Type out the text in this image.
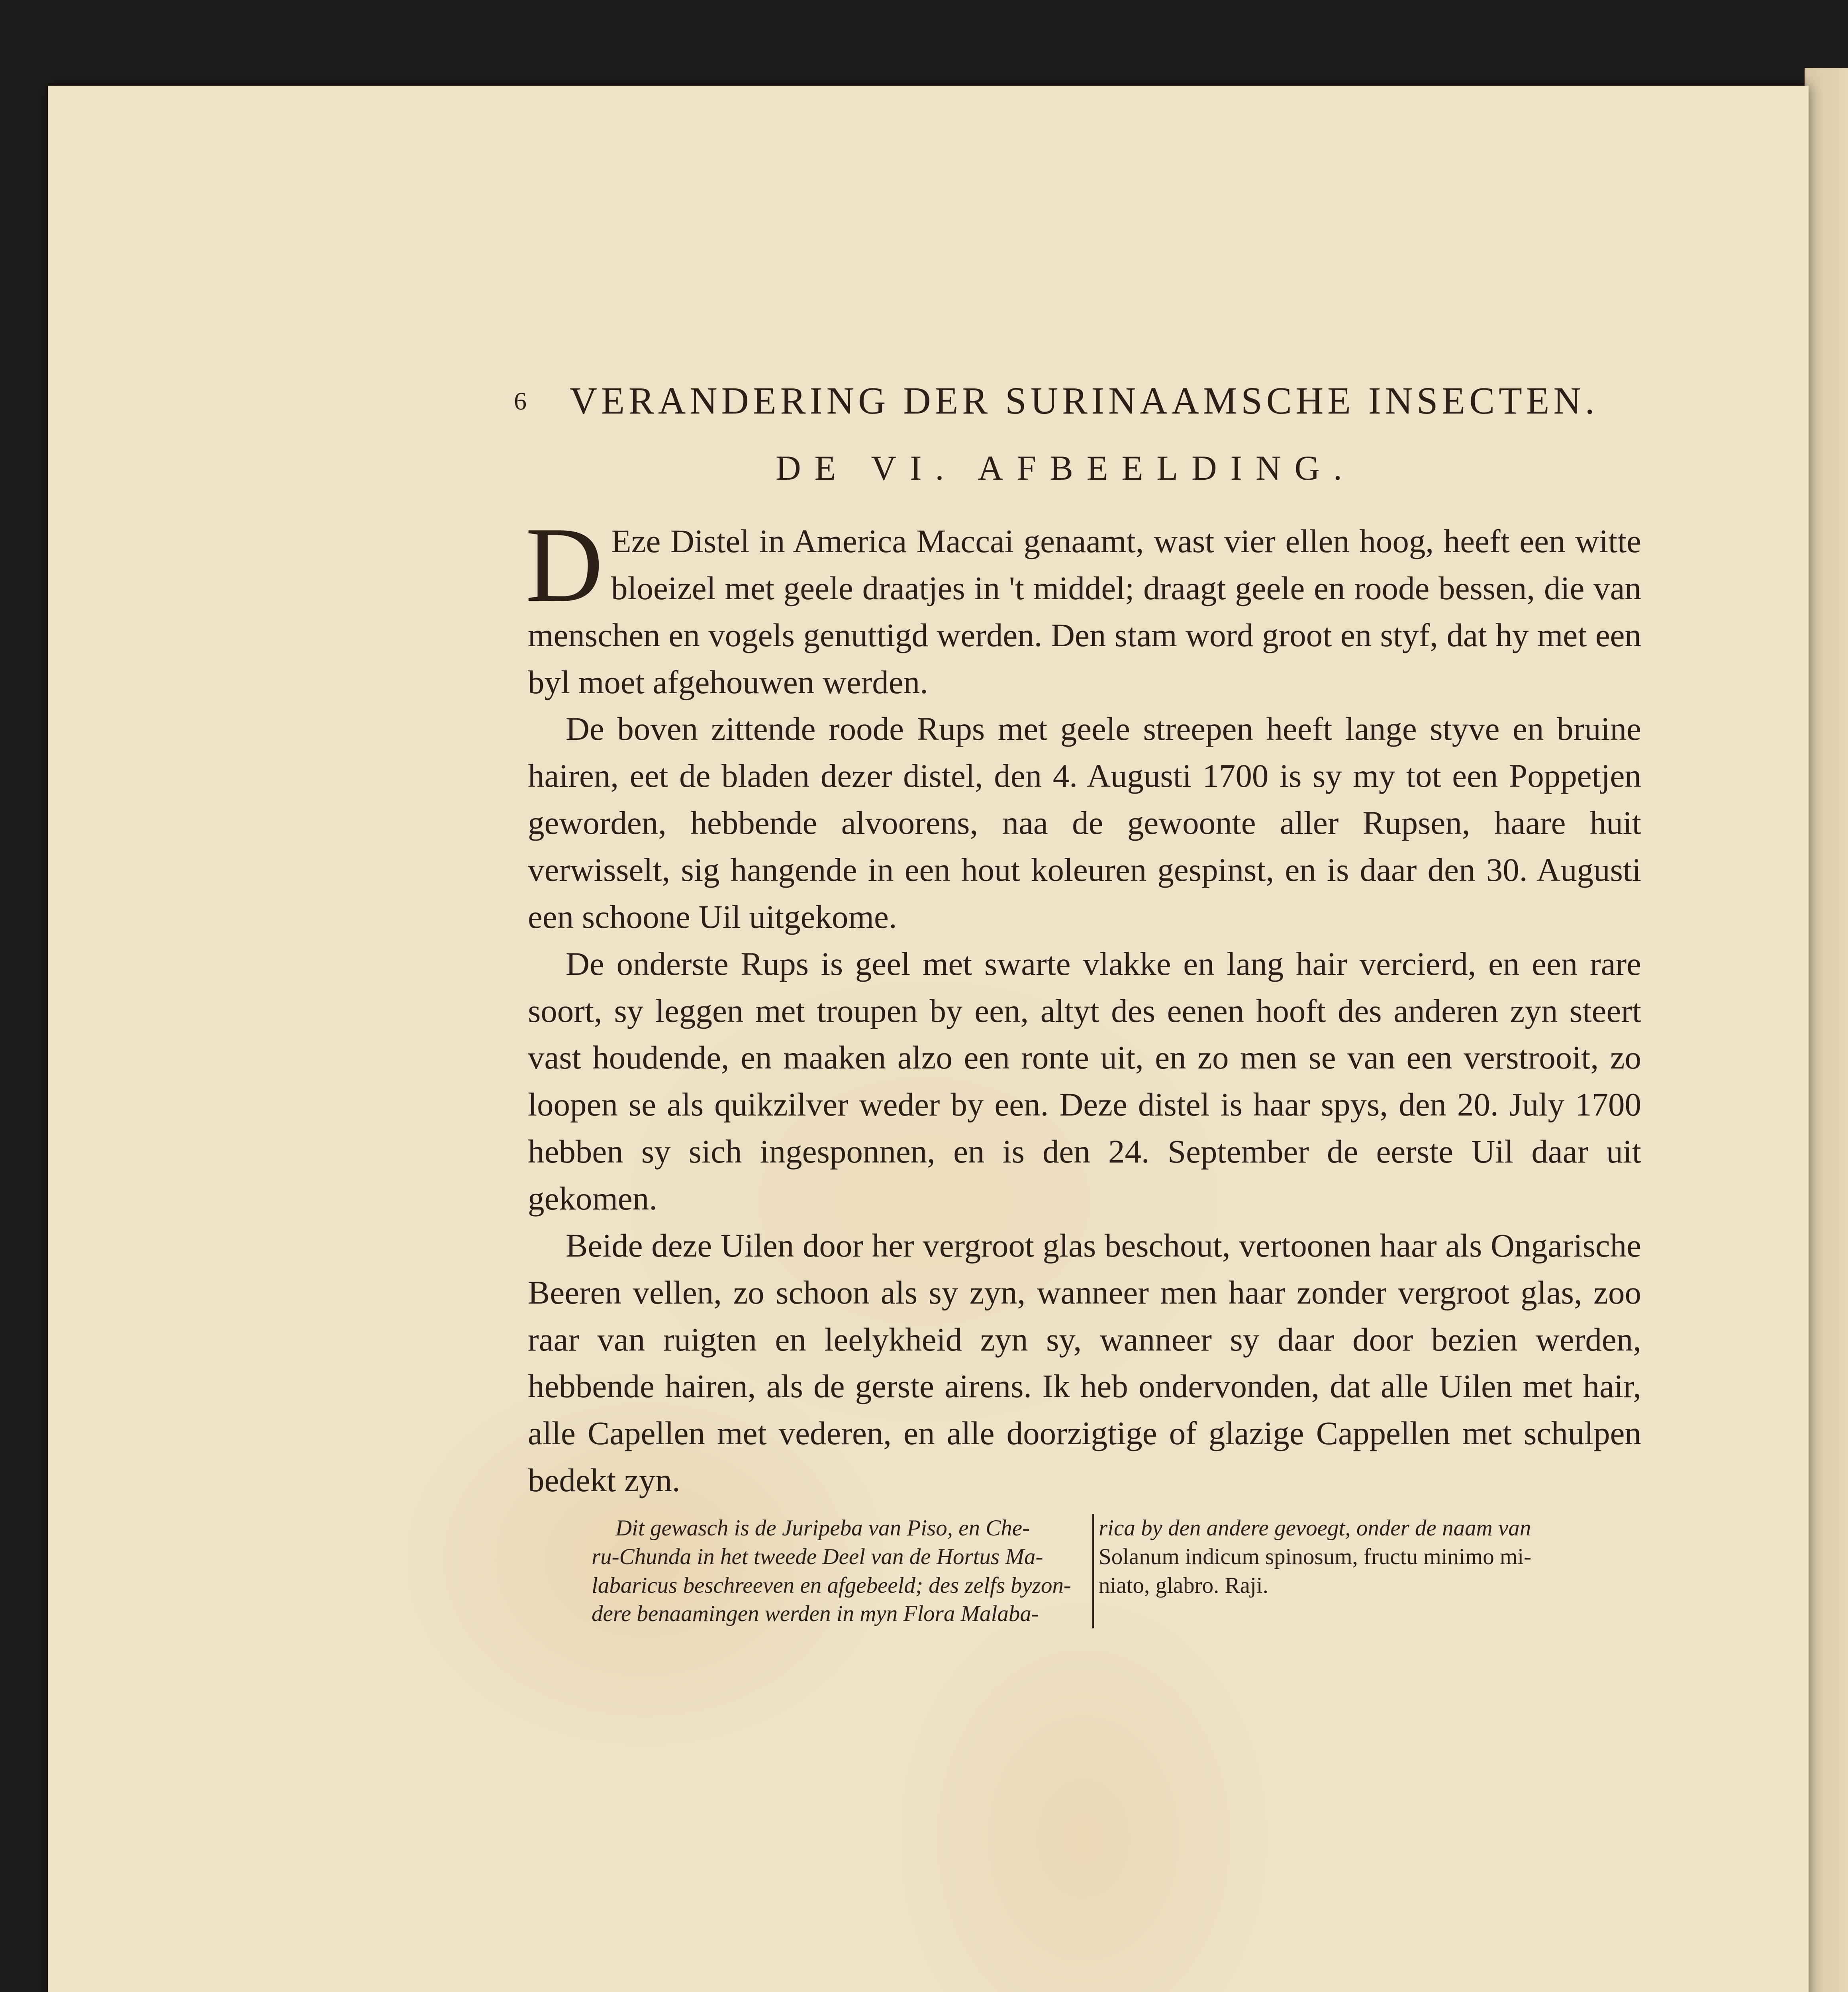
6 VERANDERING DER SURINAAMSCHE INSECTEN.
DE VI. AFBEELDING.

D Eze Distel in America Maccai genaamt, wast vier ellen hoog, heeft een witte bloeizel met geele draatjes in 't middel; draagt geele en roode bessen, die van menschen en vogels genuttigd werden. Den stam word groot en styf, dat hy met een byl moet afgehouwen werden.

De boven zittende roode Rups met geele streepen heeft lange styve en bruine hairen, eet de bladen dezer distel, den 4. Augusti 1700 is sy my tot een Poppetjen geworden, hebbende alvoorens, naa de gewoonte aller Rupsen, haare huit verwisselt, sig hangende in een hout koleuren gespinst, en is daar den 30. Augusti een schoone Uil uitgekome.

De onderste Rups is geel met swarte vlakke en lang hair vercierd, en een rare soort, sy leggen met troupen by een, altyt des eenen hooft des anderen zyn steert vast houdende, en maaken alzo een ronte uit, en zo men se van een verstrooit, zo loopen se als quikzilver weder by een. Deze distel is haar spys, den 20. July 1700 hebben sy sich ingesponnen, en is den 24. September de eerste Uil daar uit gekomen.

Beide deze Uilen door her vergroot glas beschout, vertoonen haar als Ongarische Beeren vellen, zo schoon als sy zyn, wanneer men haar zonder vergroot glas, zoo raar van ruigten en leelykheid zyn sy, wanneer sy daar door bezien werden, hebbende hairen, als de gerste airens. Ik heb ondervonden, dat alle Uilen met hair, alle Capellen met vederen, en alle doorzigtige of glazige Cappellen met schulpen bedekt zyn.

Dit gewasch is de Juripeba van Piso, en Che-
ru-Chunda in het tweede Deel van de Hortus Ma-
labaricus beschreeven en afgebeeld; des zelfs byzon-
dere benaamingen werden in myn Flora Malaba-
rica by den andere gevoegt, onder de naam van
Solanum indicum spinosum, fructu minimo mi-
niato, glabro. Raji.
